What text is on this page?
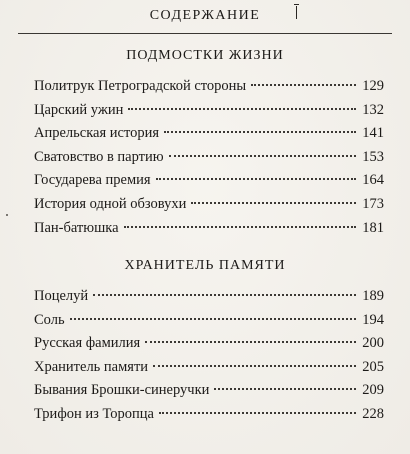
СОДЕРЖАНИЕ
ПОДМОСТКИ ЖИЗНИ
Политрук Петроградской стороны	129
Царский ужин	132
Апрельская история	141
Сватовство в партию	153
Государева премия	164
История одной обзовухи	173
Пан-батюшка	181
ХРАНИТЕЛЬ ПАМЯТИ
Поцелуй	189
Соль	194
Русская фамилия	200
Хранитель памяти	205
Бывания Брошки-синеручки	209
Трифон из Торопца	228
